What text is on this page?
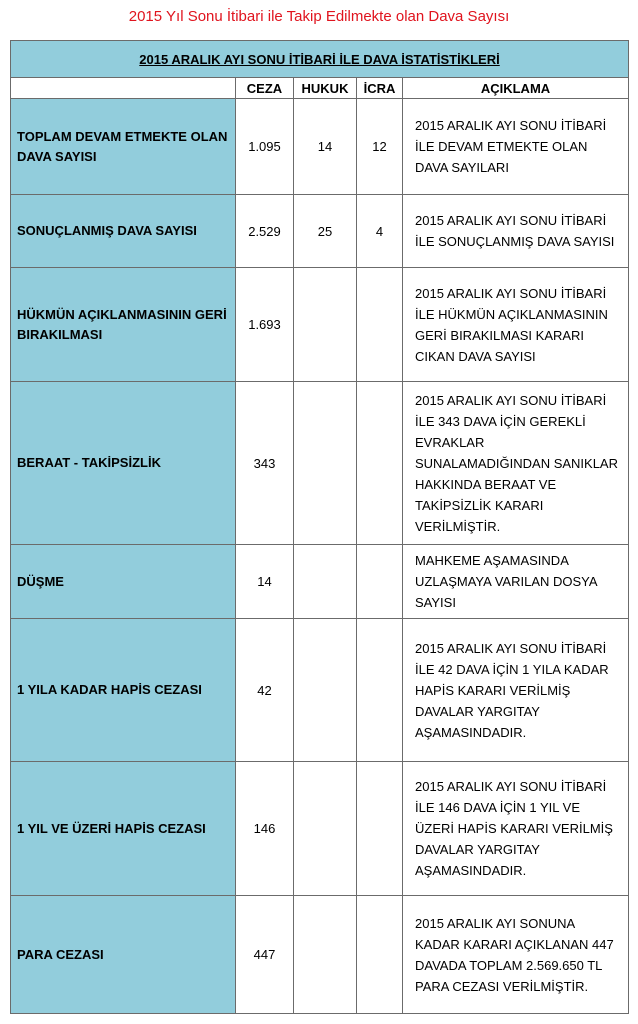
2015 Yıl Sonu İtibari ile Takip Edilmekte olan Dava Sayısı
2015 ARALIK AYI SONU İTİBARİ İLE DAVA İSTATİSTİKLERİ				
	CEZA	HUKUK	İCRA	AÇIKLAMA
TOPLAM DEVAM ETMEKTE OLAN DAVA SAYISI	1.095	14	12	2015 ARALIK AYI SONU İTİBARİ İLE DEVAM ETMEKTE OLAN DAVA SAYILARI
SONUÇLANMIŞ DAVA SAYISI	2.529	25	4	2015 ARALIK AYI SONU İTİBARİ İLE SONUÇLANMIŞ DAVA SAYISI
HÜKMÜN AÇIKLANMASININ GERİ BIRAKILMASI	1.693			2015 ARALIK AYI SONU İTİBARİ İLE HÜKMÜN AÇIKLANMASININ GERİ BIRAKILMASI KARARI CIKAN DAVA SAYISI
BERAAT - TAKİPSİZLİK	343			2015 ARALIK AYI SONU İTİBARİ İLE 343 DAVA İÇİN GEREKLİ EVRAKLAR SUNALAMADIĞINDAN SANIKLAR HAKKINDA BERAAT VE TAKİPSİZLİK KARARI VERİLMİŞTİR.
DÜŞME	14			MAHKEME AŞAMASINDA UZLAŞMAYA VARILAN DOSYA SAYISI
1 YILA KADAR HAPİS CEZASI	42			2015 ARALIK AYI SONU İTİBARİ İLE 42 DAVA İÇİN 1 YILA KADAR HAPİS KARARI VERİLMİŞ DAVALAR YARGITAY AŞAMASINDADIR.
1 YIL VE ÜZERİ HAPİS CEZASI	146			2015 ARALIK AYI SONU İTİBARİ İLE 146 DAVA İÇİN 1 YIL VE ÜZERİ HAPİS KARARI VERİLMİŞ DAVALAR YARGITAY AŞAMASINDADIR.
PARA CEZASI	447			2015 ARALIK AYI SONUNA KADAR KARARI AÇIKLANAN 447 DAVADA TOPLAM 2.569.650 TL PARA CEZASI VERİLMİŞTİR.
